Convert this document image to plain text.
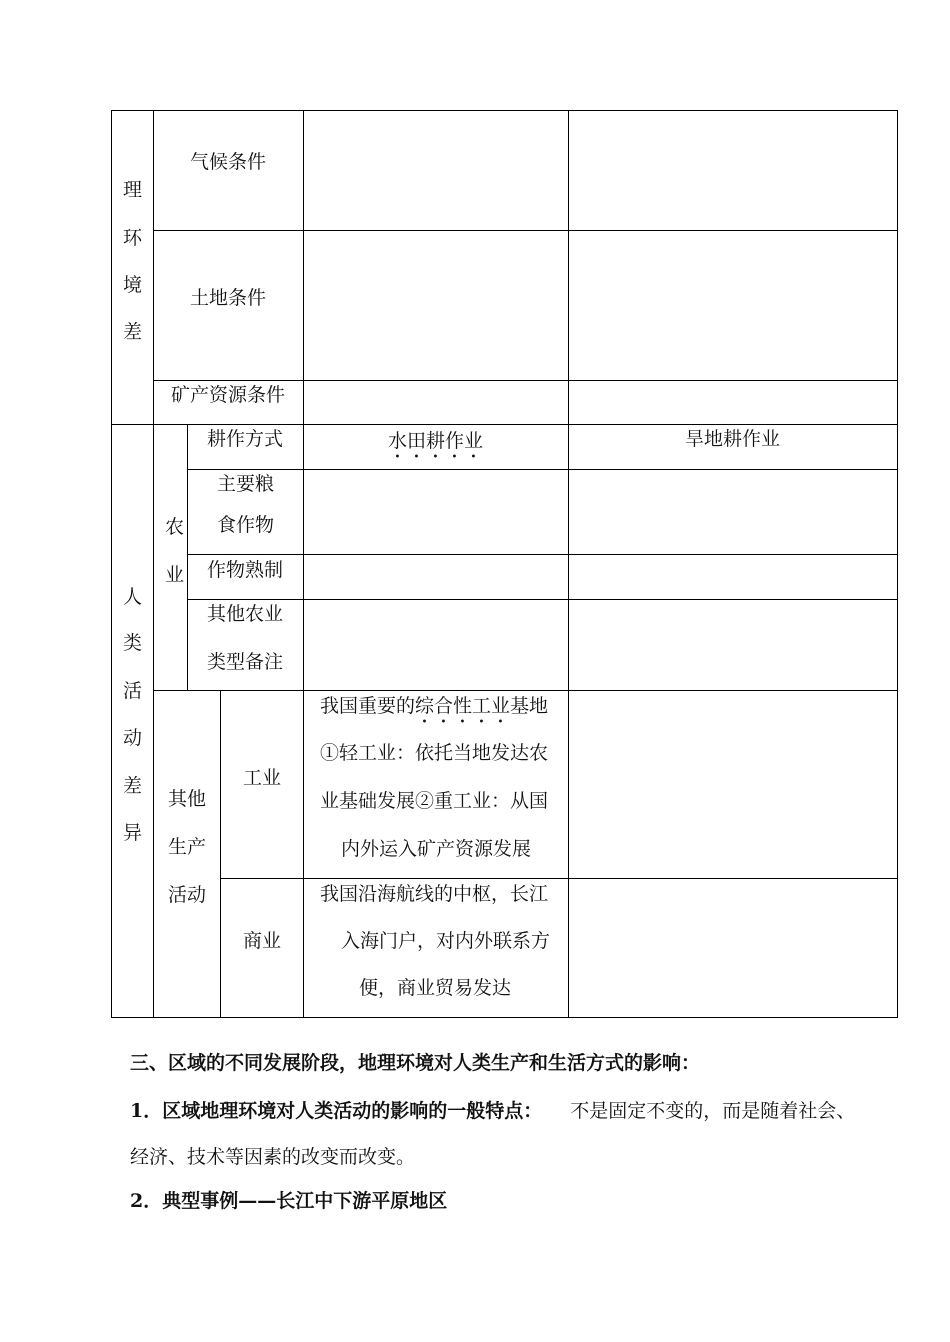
理
环
境
差
气候条件
土地条件
矿产资源条件
人
类
活
动
差
异
农
业
耕作方式	水田耕作业	旱地耕作业
主要粮
食作物
作物熟制
其他农业
类型备注
其他
生产
活动
工业
我国重要的综合性工业基地
①轻工业：依托当地发达农
业基础发展②重工业：从国
内外运入矿产资源发展
商业
我国沿海航线的中枢，长江
入海门户，对内外联系方
便，商业贸易发达
三、区域的不同发展阶段，地理环境对人类生产和生活方式的影响：
1．区域地理环境对人类活动的影响的一般特点： 不是固定不变的，而是随着社会、
经济、技术等因素的改变而改变。
2．典型事例——长江中下游平原地区
